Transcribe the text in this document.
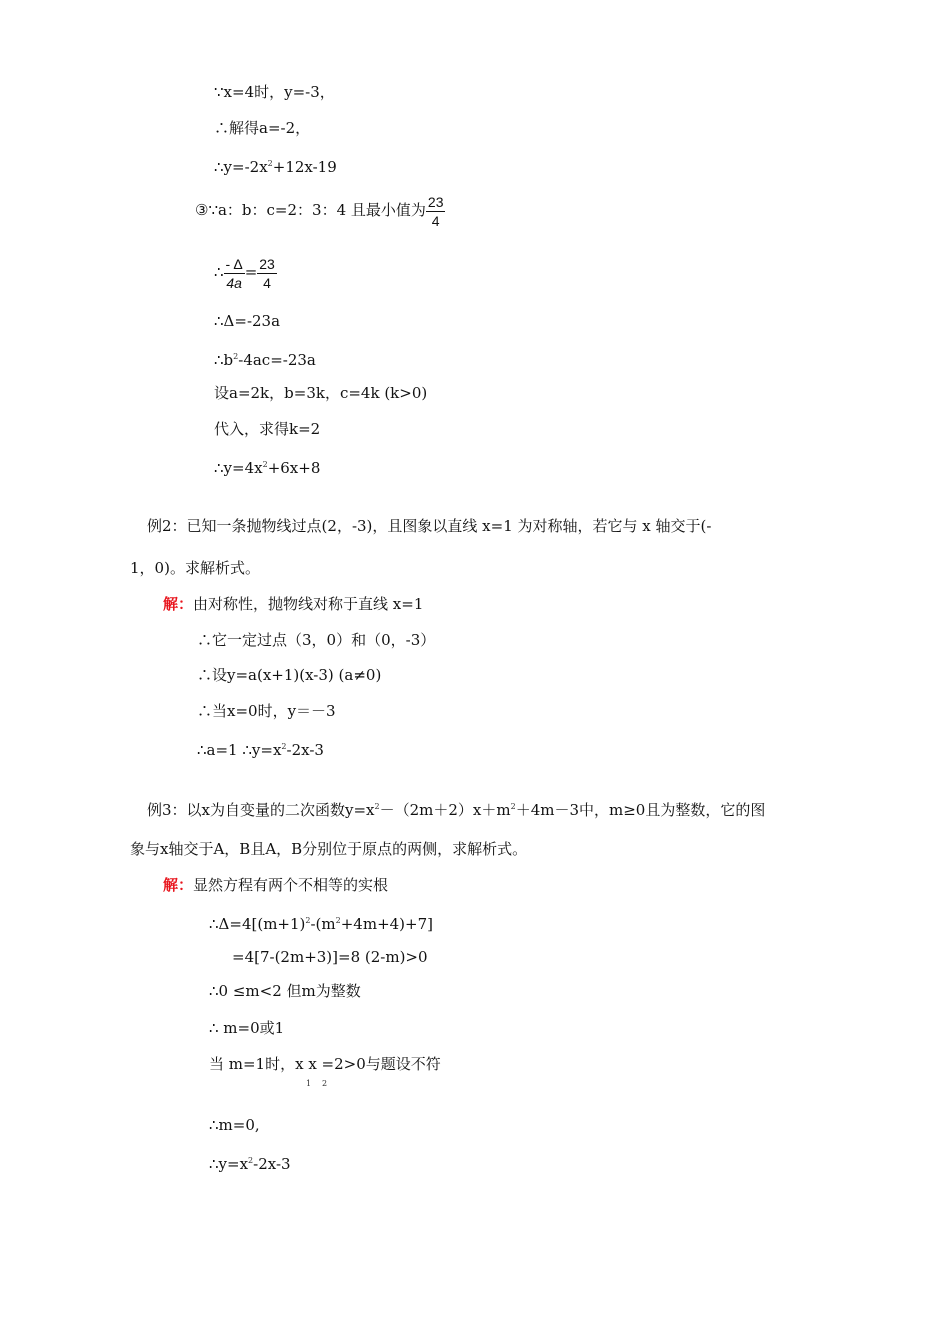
∵x=4时，y=-3，
∴解得a=-2，
$\therefore y=-2x^2+12x-19$
③∵a：b：c=2：3：4 且最小值为 $\frac{23}{4}$
∴ $\frac{- \Delta}{4a} = \frac{23}{4}$
∴Δ=-23a
$\therefore b^2-4ac=-23a$
设a=2k，b=3k，c=4k (k>0)
代入，求得k=2
$\therefore y=4x^2+6x+8$
例2：已知一条抛物线过点(2，-3)，且图象以直线 x=1 为对称轴，若它与 x 轴交于(-
1，0)。求解析式。
解：由对称性，抛物线对称于直线 x=1
∴它一定过点（3，0）和（0，-3）
∴设y=a(x+1)(x-3) (a≠0)
∴当x=0时，y＝－3
∴a=1 $\therefore y=x^2-2x-3$
例3：以x为自变量的二次函数$y=x^2-(2m+2)x+m^2+4m-3$中，m≥0且为整数，它的图
象与x轴交于A，B且A，B分别位于原点的两侧，求解析式。
解：显然方程有两个不相等的实根
$\therefore\Delta=4[(m+1)^2-(m^2+4m+4)+7]$
=4[7-(2m+3)]=8 (2-m)>0
∴0 ≤m<2 但m为整数
∴ m=0或1
当 m=1时，x x =2>0与题设不符
1 2
∴m=0,
$\therefore y=x^2-2x-3$
